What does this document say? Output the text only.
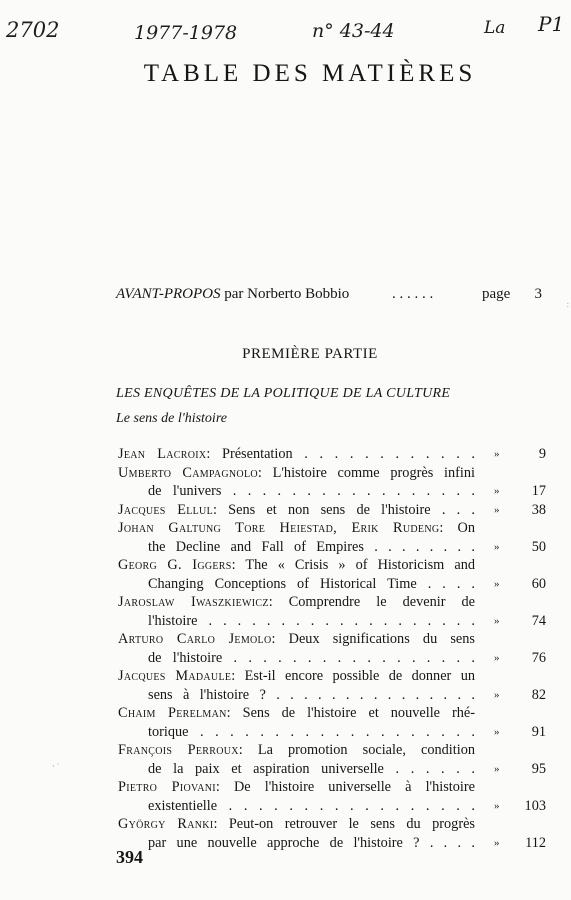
2702	1977-1978	n° 43-44	La P1
TABLE DES MATIÈRES
AVANT-PROPOS par Norberto Bobbio	. . . . . .	page 3
PREMIÈRE PARTIE
LES ENQUÊTES DE LA POLITIQUE DE LA CULTURE
Le sens de l'histoire
Jean Lacroix: Présentation . . . . . . . . . . . . »	9
Umberto Campagnolo: L'histoire comme progrès infini
de l'univers . . . . . . . . . . . . . . . . . » 17
Jacques Ellul: Sens et non sens de l'histoire . . . » 38
Johan Galtung Tore Heiestad, Erik Rudeng: On
the Decline and Fall of Empires . . . . . . . . » 50
Georg G. Iggers: The « Crisis » of Historicism and
Changing Conceptions of Historical Time . . . . » 60
Jaroslaw Iwaszkiewicz: Comprendre le devenir de
l'histoire . . . . . . . . . . . . . . . . . . . » 74
Arturo Carlo Jemolo: Deux significations du sens
de l'histoire . . . . . . . . . . . . . . . . . » 76
Jacques Madaule: Est-il encore possible de donner un
sens à l'histoire ? . . . . . . . . . . . . . . . » 82
Chaim Perelman: Sens de l'histoire et nouvelle rhé-
torique . . . . . . . . . . . . . . . . . . . » 91
François Perroux: La promotion sociale, condition
de la paix et aspiration universelle . . . . . . » 95
Pietro Piovani: De l'histoire universelle à l'histoire
existentielle . . . . . . . . . . . . . . . . . » 103
György Ranki: Peut-on retrouver le sens du progrès
par une nouvelle approche de l'histoire ? . . . . » 112
394
· ˙
:
